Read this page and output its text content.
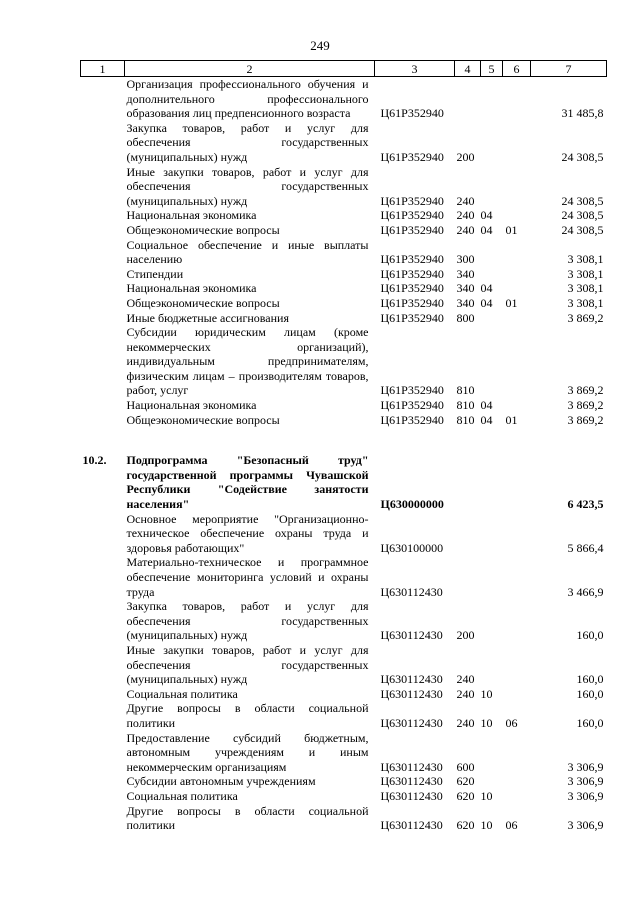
249
1	2	3	4	5	6	7
	Организация профессионального обучения и дополнительного профессионального образования лиц предпенсионного возраста	Ц61P352940				31 485,8
	Закупка товаров, работ и услуг для обеспечения государственных (муниципальных) нужд	Ц61P352940	200			24 308,5
	Иные закупки товаров, работ и услуг для обеспечения государственных (муниципальных) нужд	Ц61P352940	240			24 308,5
	Национальная экономика	Ц61P352940	240	04		24 308,5
	Общеэкономические вопросы	Ц61P352940	240	04	01	24 308,5
	Социальное обеспечение и иные выплаты населению	Ц61P352940	300			3 308,1
	Стипендии	Ц61P352940	340			3 308,1
	Национальная экономика	Ц61P352940	340	04		3 308,1
	Общеэкономические вопросы	Ц61P352940	340	04	01	3 308,1
	Иные бюджетные ассигнования	Ц61P352940	800			3 869,2
	Субсидии юридическим лицам (кроме некоммерческих организаций), индивидуальным предпринимателям, физическим лицам – производителям товаров, работ, услуг	Ц61P352940	810			3 869,2
	Национальная экономика	Ц61P352940	810	04		3 869,2
	Общеэкономические вопросы	Ц61P352940	810	04	01	3 869,2

10.2.	Подпрограмма "Безопасный труд" государственной программы Чувашской Республики "Содействие занятости населения"	Ц630000000				6 423,5
	Основное мероприятие "Организационно-техническое обеспечение охраны труда и здоровья работающих"	Ц630100000				5 866,4
	Материально-техническое и программное обеспечение мониторинга условий и охраны труда	Ц630112430				3 466,9
	Закупка товаров, работ и услуг для обеспечения государственных (муниципальных) нужд	Ц630112430	200			160,0
	Иные закупки товаров, работ и услуг для обеспечения государственных (муниципальных) нужд	Ц630112430	240			160,0
	Социальная политика	Ц630112430	240	10		160,0
	Другие вопросы в области социальной политики	Ц630112430	240	10	06	160,0
	Предоставление субсидий бюджетным, автономным учреждениям и иным некоммерческим организациям	Ц630112430	600			3 306,9
	Субсидии автономным учреждениям	Ц630112430	620			3 306,9
	Социальная политика	Ц630112430	620	10		3 306,9
	Другие вопросы в области социальной политики	Ц630112430	620	10	06	3 306,9
